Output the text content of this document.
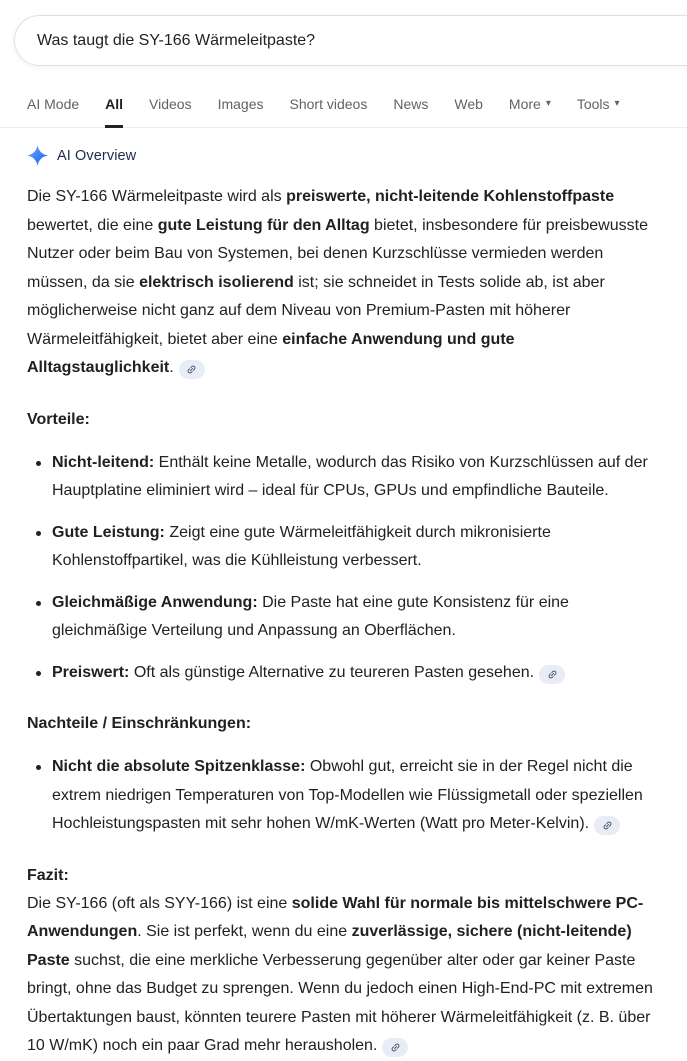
Was taugt die SY-166 Wärmeleitpaste?
AI Mode All Videos Images Short videos News Web More ▾ Tools ▾
AI Overview

Die SY-166 Wärmeleitpaste wird als preiswerte, nicht-leitende Kohlenstoffpaste bewertet, die eine gute Leistung für den Alltag bietet, insbesondere für preisbewusste Nutzer oder beim Bau von Systemen, bei denen Kurzschlüsse vermieden werden müssen, da sie elektrisch isolierend ist; sie schneidet in Tests solide ab, ist aber möglicherweise nicht ganz auf dem Niveau von Premium-Pasten mit höherer Wärmeleitfähigkeit, bietet aber eine einfache Anwendung und gute Alltagstauglichkeit.

Vorteile:
Nicht-leitend: Enthält keine Metalle, wodurch das Risiko von Kurzschlüssen auf der Hauptplatine eliminiert wird – ideal für CPUs, GPUs und empfindliche Bauteile.
Gute Leistung: Zeigt eine gute Wärmeleitfähigkeit durch mikronisierte Kohlenstoffpartikel, was die Kühlleistung verbessert.
Gleichmäßige Anwendung: Die Paste hat eine gute Konsistenz für eine gleichmäßige Verteilung und Anpassung an Oberflächen.
Preiswert: Oft als günstige Alternative zu teureren Pasten gesehen.
Nachteile / Einschränkungen:
Nicht die absolute Spitzenklasse: Obwohl gut, erreicht sie in der Regel nicht die extrem niedrigen Temperaturen von Top-Modellen wie Flüssigmetall oder speziellen Hochleistungspasten mit sehr hohen W/mK-Werten (Watt pro Meter-Kelvin).
Fazit:

Die SY-166 (oft als SYY-166) ist eine solide Wahl für normale bis mittelschwere PC-Anwendungen. Sie ist perfekt, wenn du eine zuverlässige, sichere (nicht-leitende) Paste suchst, die eine merkliche Verbesserung gegenüber alter oder gar keiner Paste bringt, ohne das Budget zu sprengen. Wenn du jedoch einen High-End-PC mit extremen Übertaktungen baust, könnten teurere Pasten mit höherer Wärmeleitfähigkeit (z. B. über 10 W/mK) noch ein paar Grad mehr herausholen.
